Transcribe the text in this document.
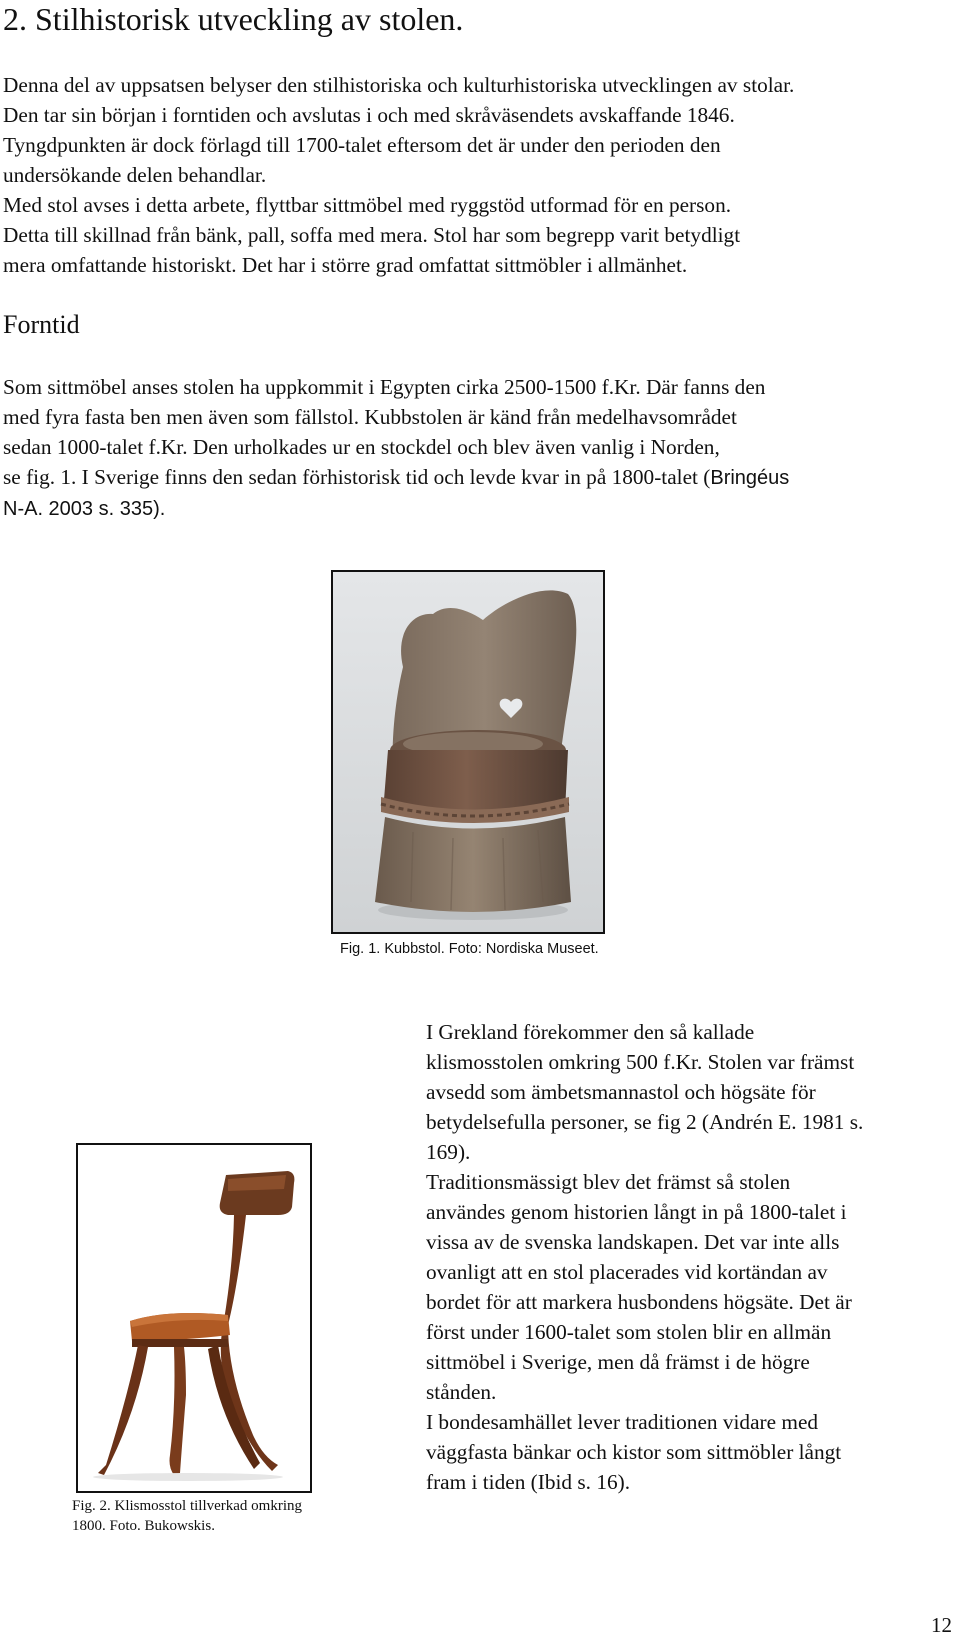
2. Stilhistorisk utveckling av stolen.

Denna del av uppsatsen belyser den stilhistoriska och kulturhistoriska utvecklingen av stolar.

Den tar sin början i forntiden och avslutas i och med skråväsendets avskaffande 1846.

Tyngdpunkten är dock förlagd till 1700-talet eftersom det är under den perioden den

undersökande delen behandlar.

Med stol avses i detta arbete, flyttbar sittmöbel med ryggstöd utformad för en person.

Detta till skillnad från bänk, pall, soffa med mera. Stol har som begrepp varit betydligt

mera omfattande historiskt. Det har i större grad omfattat sittmöbler i allmänhet.

Forntid

Som sittmöbel anses stolen ha uppkommit i Egypten cirka 2500-1500 f.Kr. Där fanns den

med fyra fasta ben men även som fällstol. Kubbstolen är känd från medelhavsområdet

sedan 1000-talet f.Kr. Den urholkades ur en stockdel och blev även vanlig i Norden,

se fig. 1. I Sverige finns den sedan förhistorisk tid och levde kvar in på 1800-talet (Bringéus

N-A. 2003 s. 335).

Fig. 1. Kubbstol. Foto: Nordiska Museet.

Fig. 2. Klismosstol tillverkad omkring

1800. Foto. Bukowskis.

I Grekland förekommer den så kallade

klismosstolen omkring 500 f.Kr. Stolen var främst

avsedd som ämbetsmannastol och högsäte för

betydelsefulla personer, se fig 2 (Andrén E. 1981 s.

169).

Traditionsmässigt blev det främst så stolen

användes genom historien långt in på 1800-talet i

vissa av de svenska landskapen. Det var inte alls

ovanligt att en stol placerades vid kortändan av

bordet för att markera husbondens högsäte. Det är

först under 1600-talet som stolen blir en allmän

sittmöbel i Sverige, men då främst i de högre

stånden.

I bondesamhället lever traditionen vidare med

väggfasta bänkar och kistor som sittmöbler långt

fram i tiden (Ibid s. 16).

12
